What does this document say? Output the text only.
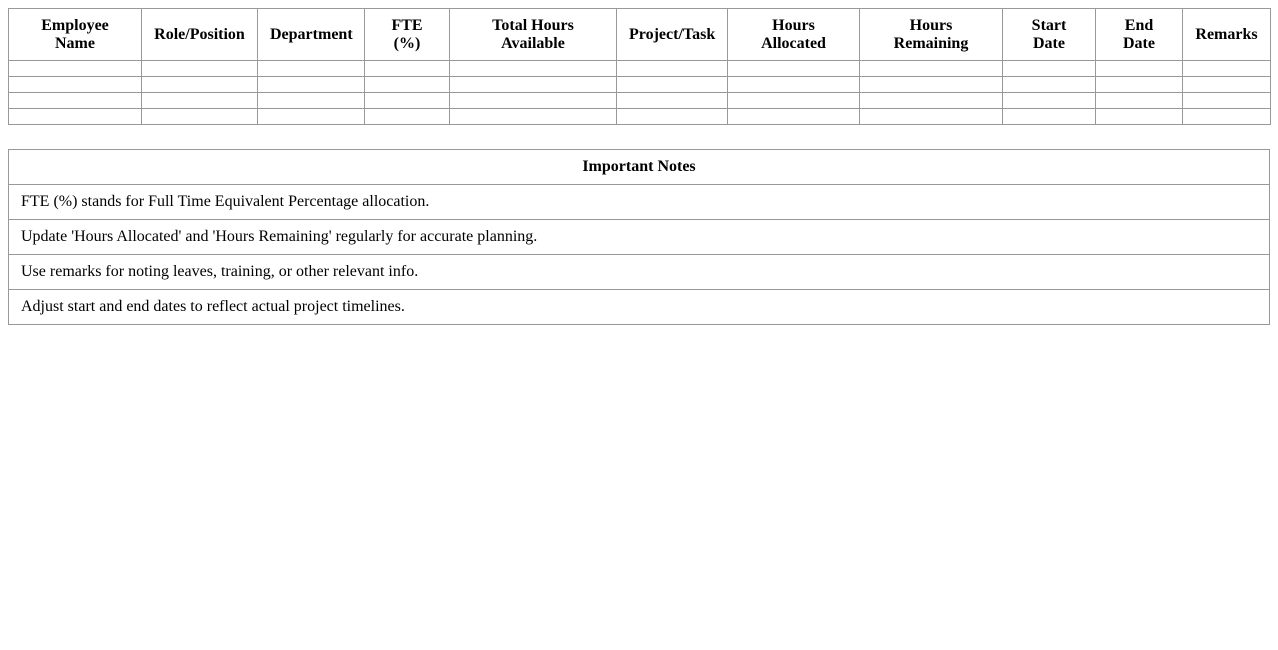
Employee Name	Role/Position	Department	FTE (%)	Total Hours Available	Project/Task	Hours Allocated	Hours Remaining	Start Date	End Date	Remarks

Important Notes
FTE (%) stands for Full Time Equivalent Percentage allocation.
Update 'Hours Allocated' and 'Hours Remaining' regularly for accurate planning.
Use remarks for noting leaves, training, or other relevant info.
Adjust start and end dates to reflect actual project timelines.
